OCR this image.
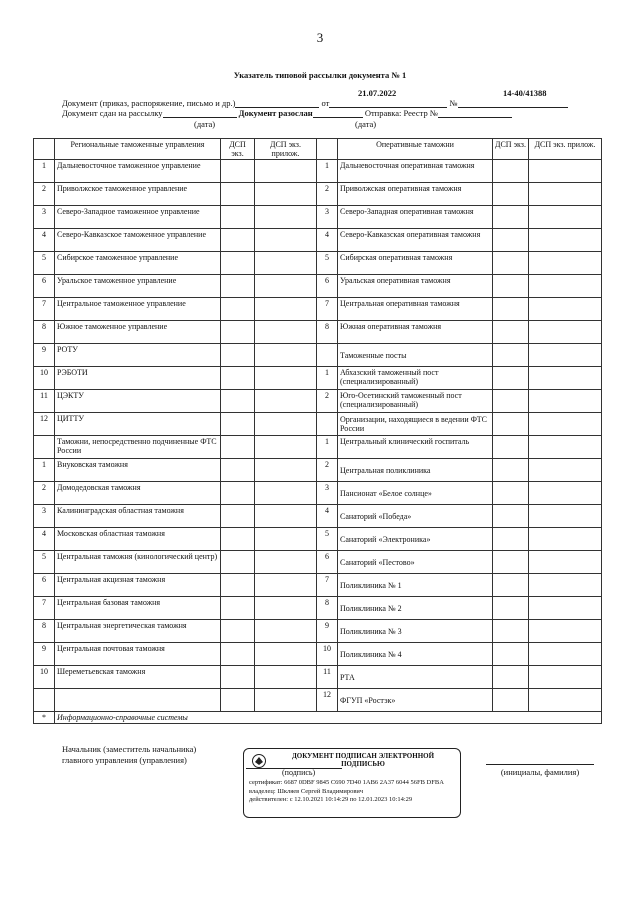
3
Указатель типовой рассылки документа № 1
21.07.2022	14-40/41388
Документ (приказ, распоряжение, письмо и др.)	от	№
Документ сдан на рассылку	Документ разослан	Отправка: Реестр №
(дата)	(дата)
	Региональные таможенные управления	ДСП экз.	ДСП экз. прилож.		Оперативные таможни	ДСП экз.	ДСП экз. прилож.
1	Дальневосточное таможенное управление			1	Дальневосточная оперативная таможня		
2	Приволжское таможенное управление			2	Приволжская оперативная таможня		
3	Северо-Западное таможенное управление			3	Северо-Западная оперативная таможня		
4	Северо-Кавказское таможенное управление			4	Северо-Кавказская оперативная таможня		
5	Сибирское таможенное управление			5	Сибирская оперативная таможня		
6	Уральское таможенное управление			6	Уральская оперативная таможня		
7	Центральное таможенное управление			7	Центральная оперативная таможня		
8	Южное таможенное управление			8	Южная оперативная таможня		
9	РОТУ				Таможенные посты		
10	РЭБОТИ			1	Абхазский таможенный пост (специализированный)		
11	ЦЭКТУ			2	Юго-Осетинский таможенный пост (специализированный)		
12	ЦИТТУ				Организации, находящиеся в ведении ФТС России		
	Таможни, непосредственно подчиненные ФТС России			1	Центральный клинический госпиталь		
1	Внуковская таможня			2	Центральная поликлиника		
2	Домодедовская таможня			3	Пансионат «Белое солнце»		
3	Калининградская областная таможня			4	Санаторий «Победа»		
4	Московская областная таможня			5	Санаторий «Электроника»		
5	Центральная таможня (кинологический центр)			6	Санаторий «Пестово»		
6	Центральная акцизная таможня			7	Поликлиника № 1		
7	Центральная базовая таможня			8	Поликлиника № 2		
8	Центральная энергетическая таможня			9	Поликлиника № 3		
9	Центральная почтовая таможня			10	Поликлиника № 4		
10	Шереметьевская таможня			11	РТА		
				12	ФГУП «Ростэк»		
*	Информационно-справочные системы						
Начальник (заместитель начальника)
главного управления (управления)	ДОКУМЕНТ ПОДПИСАН ЭЛЕКТРОННОЙ
ПОДПИСЬЮ
(подпись)
сертификат: 6687 0DBF 9845 C690 7D40 1AB6 2A37 6044 56FB DFBA
владелец: Шкляев Сергей Владимирович
действителен: с 12.10.2021 10:14:29 по 12.01.2023 10:14:29
(инициалы, фамилия)
